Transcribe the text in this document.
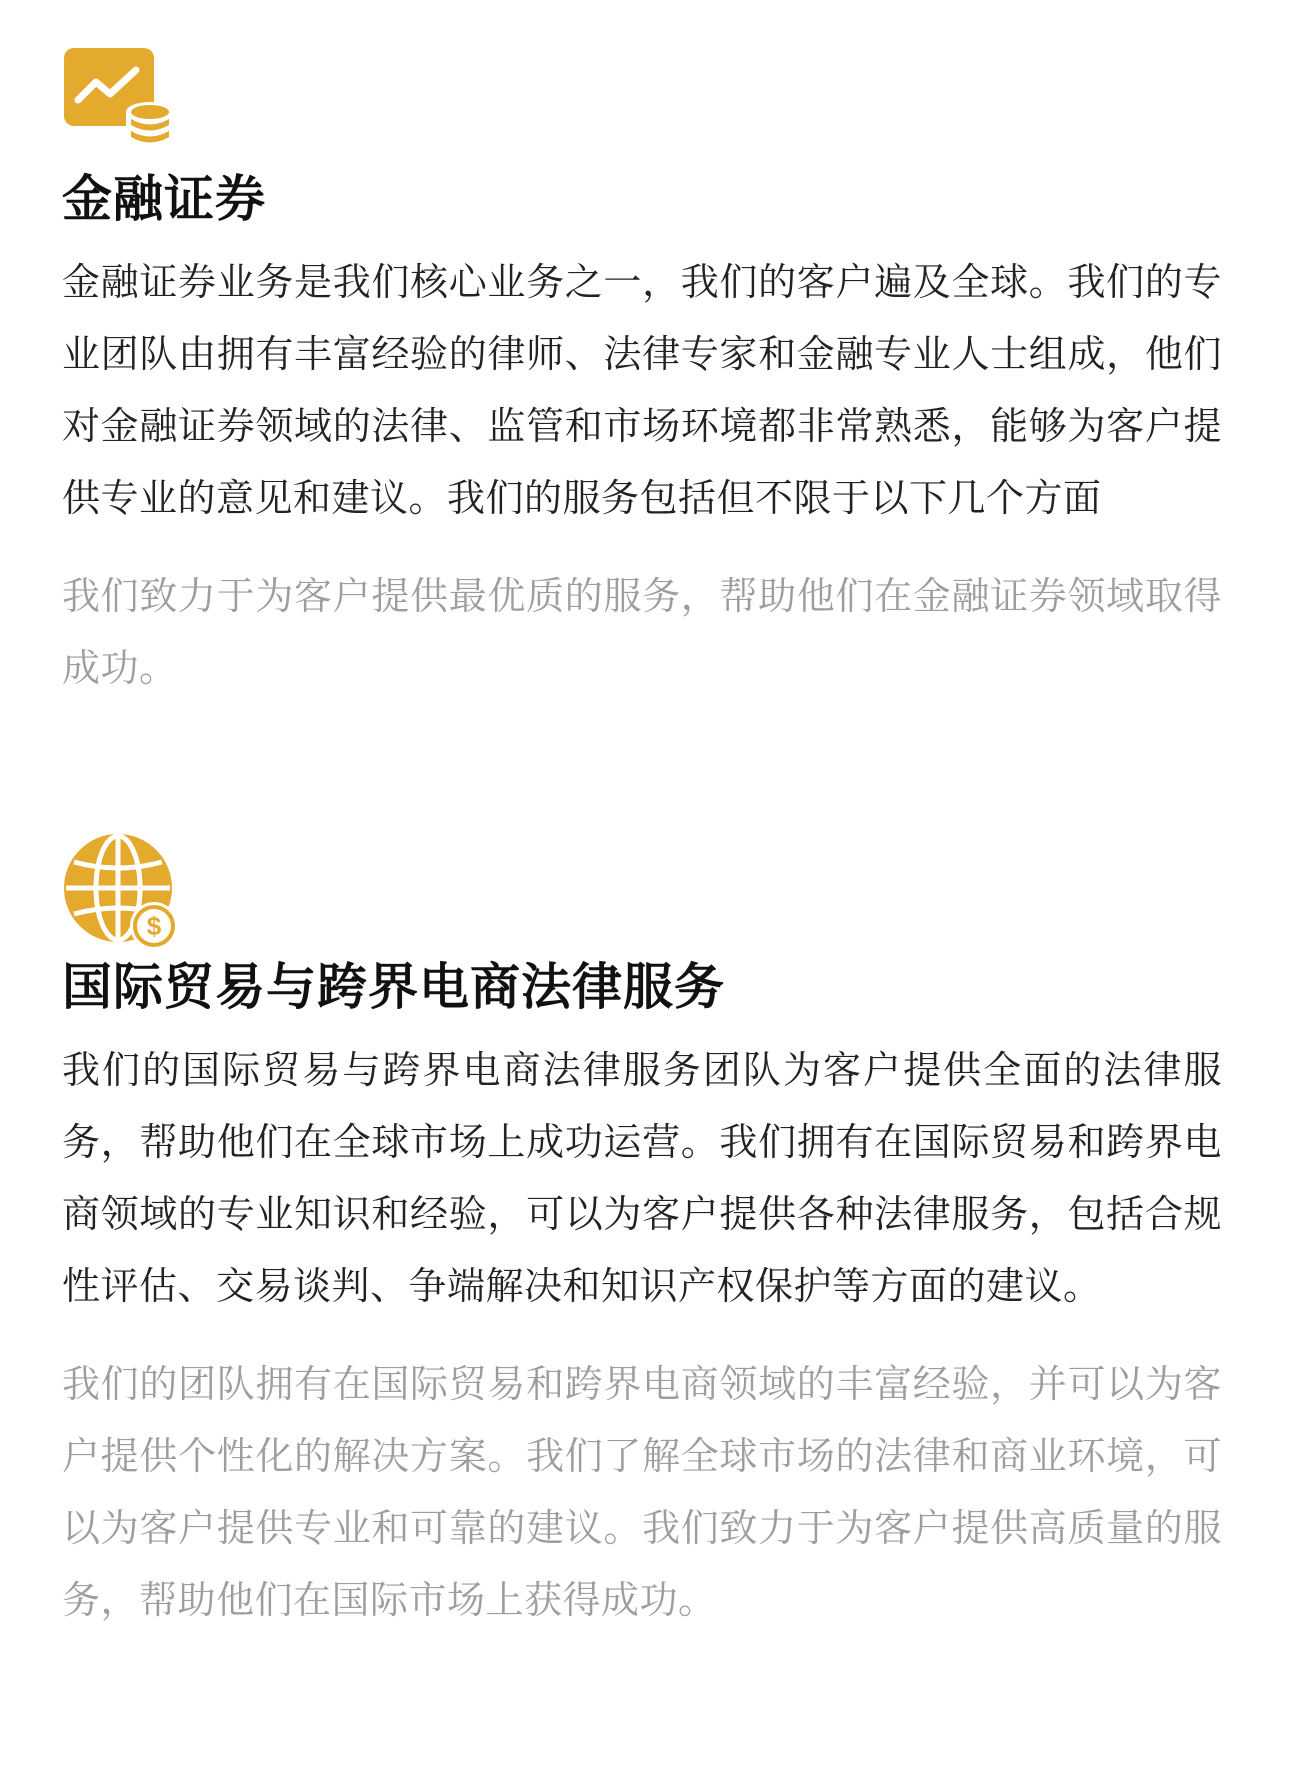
金融证券

金融证券业务是我们核心业务之一，我们的客户遍及全球。我们的专业团队由拥有丰富经验的律师、法律专家和金融专业人士组成，他们对金融证券领域的法律、监管和市场环境都非常熟悉，能够为客户提供专业的意见和建议。我们的服务包括但不限于以下几个方面

我们致力于为客户提供最优质的服务，帮助他们在金融证券领域取得成功。

$
国际贸易与跨界电商法律服务

我们的国际贸易与跨界电商法律服务团队为客户提供全面的法律服务，帮助他们在全球市场上成功运营。我们拥有在国际贸易和跨界电商领域的专业知识和经验，可以为客户提供各种法律服务，包括合规性评估、交易谈判、争端解决和知识产权保护等方面的建议。

我们的团队拥有在国际贸易和跨界电商领域的丰富经验，并可以为客户提供个性化的解决方案。我们了解全球市场的法律和商业环境，可以为客户提供专业和可靠的建议。我们致力于为客户提供高质量的服务，帮助他们在国际市场上获得成功。
